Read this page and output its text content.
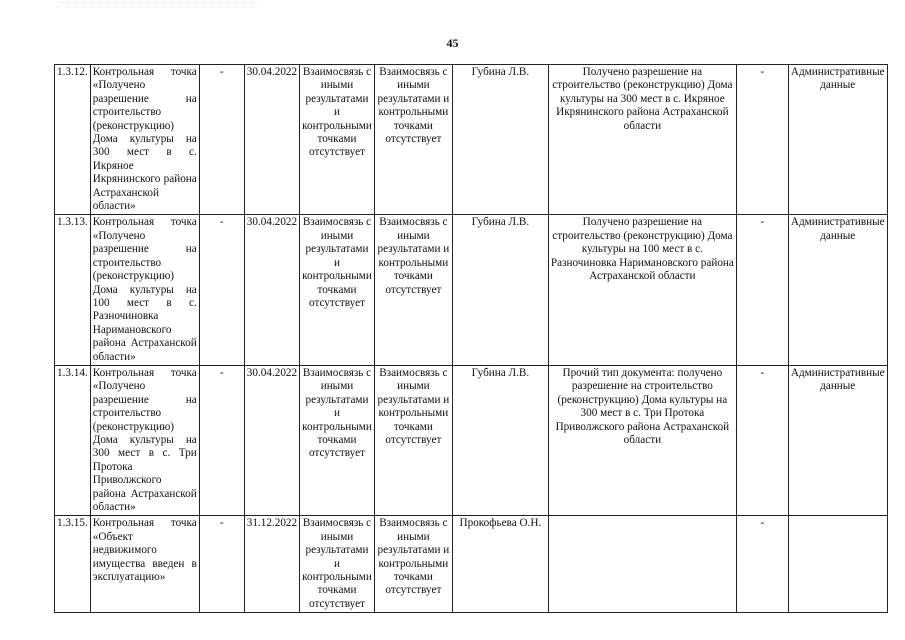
45
1.3.12.	Контрольная точка «Получено разрешение на строительство (реконструкцию) Дома культуры на 300 мест в с. Икряное Икрянинского района Астраханской области»	-	30.04.2022	Взаимосвязь с иными результатами и контрольными точками отсутствует	Взаимосвязь с иными результатами и контрольными точками отсутствует	Губина Л.В.	Получено разрешение на строительство (реконструкцию) Дома культуры на 300 мест в с. Икряное Икрянинского района Астраханской области	-	Административные данные
1.3.13.	Контрольная точка «Получено разрешение на строительство (реконструкцию) Дома культуры на 100 мест в с. Разночиновка Наримановского района Астраханской области»	-	30.04.2022	Взаимосвязь с иными результатами и контрольными точками отсутствует	Взаимосвязь с иными результатами и контрольными точками отсутствует	Губина Л.В.	Получено разрешение на строительство (реконструкцию) Дома культуры на 100 мест в с. Разночиновка Наримановского района Астраханской области	-	Административные данные
1.3.14.	Контрольная точка «Получено разрешение на строительство (реконструкцию) Дома культуры на 300 мест в с. Три Протока Приволжского района Астраханской области»	-	30.04.2022	Взаимосвязь с иными результатами и контрольными точками отсутствует	Взаимосвязь с иными результатами и контрольными точками отсутствует	Губина Л.В.	Прочий тип документа: получено разрешение на строительство (реконструкцию) Дома культуры на 300 мест в с. Три Протока Приволжского района Астраханской области	-	Административные данные
1.3.15.	Контрольная точка «Объект недвижимого имущества введен в эксплуатацию»	-	31.12.2022	Взаимосвязь с иными результатами и контрольными точками отсутствует	Взаимосвязь с иными результатами и контрольными точками отсутствует	Прокофьева О.Н.		-	
